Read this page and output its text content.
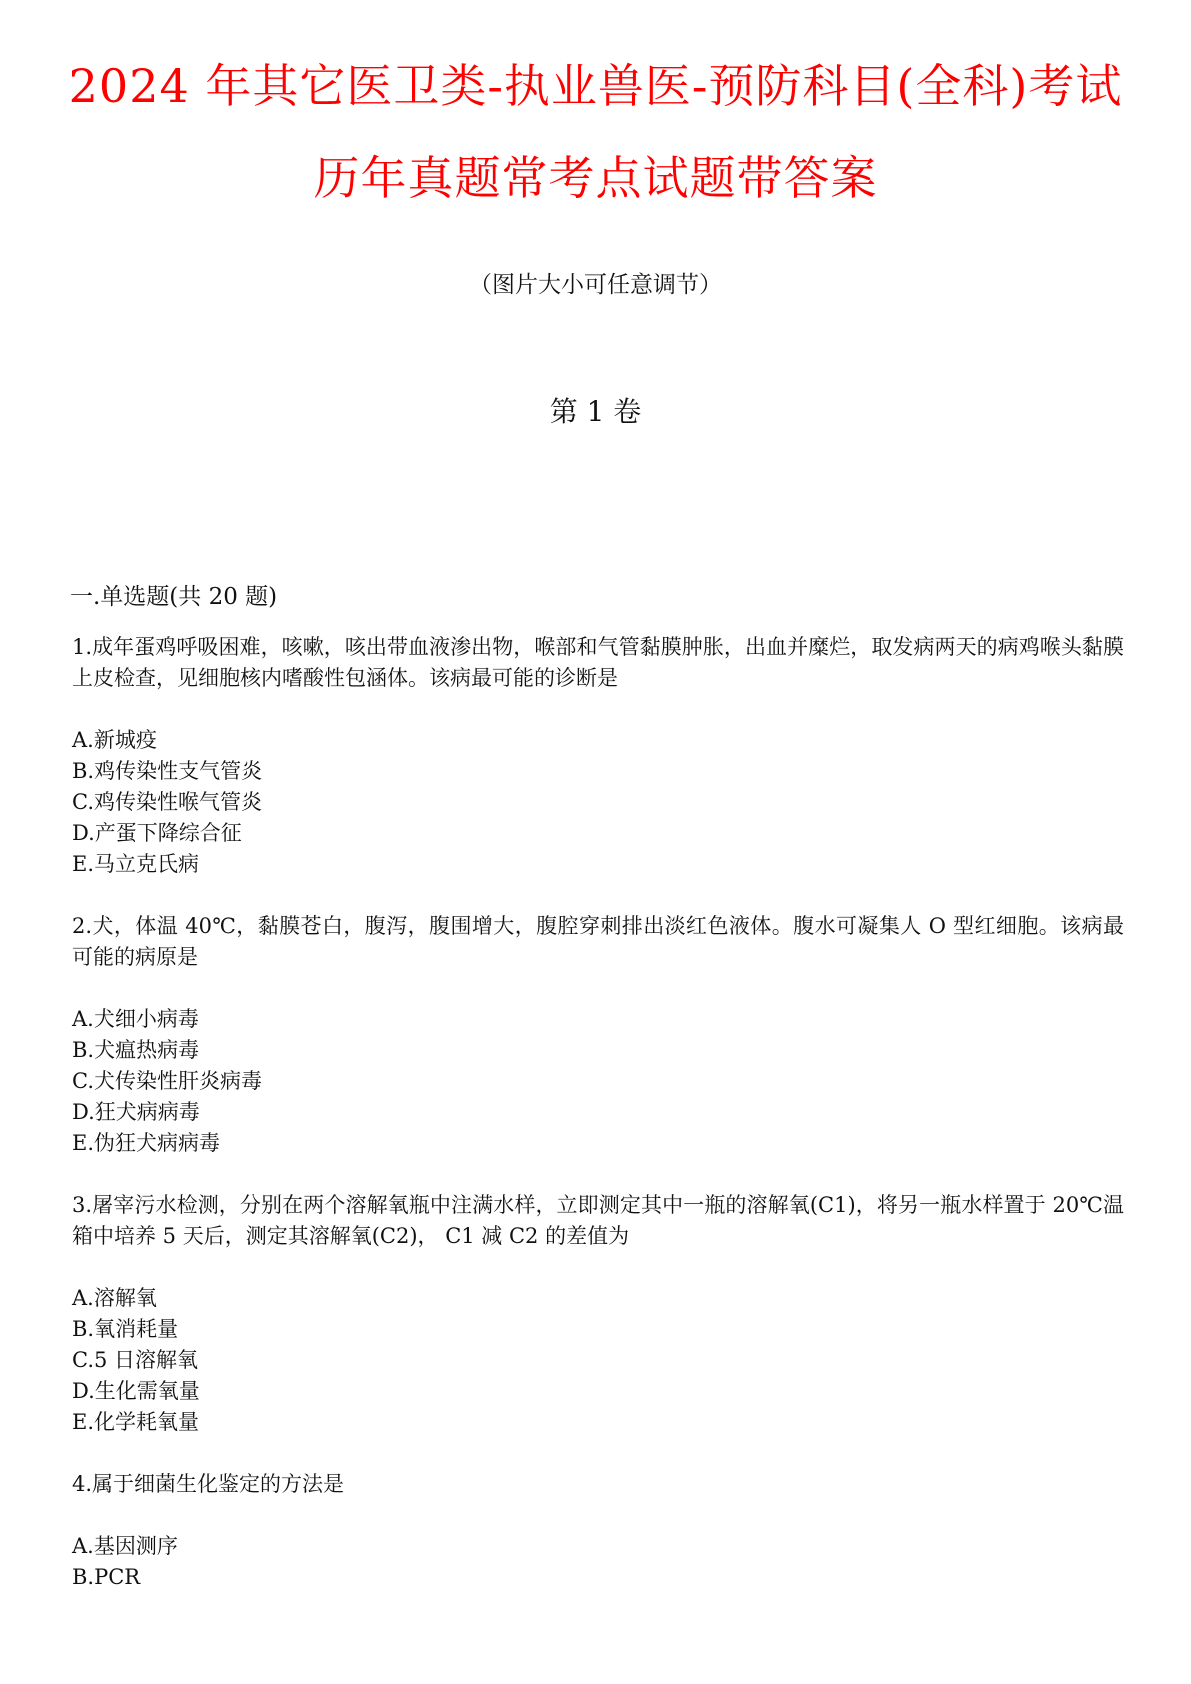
2024 年其它医卫类-执业兽医-预防科目(全科)考试
历年真题常考点试题带答案
（图片大小可任意调节）
第 1 卷
一.单选题(共 20 题)

1.成年蛋鸡呼吸困难，咳嗽，咳出带血液渗出物，喉部和气管黏膜肿胀，出血并糜烂，取发病两天的病鸡喉头黏膜上皮检查，见细胞核内嗜酸性包涵体。该病最可能的诊断是

A.新城疫

B.鸡传染性支气管炎

C.鸡传染性喉气管炎

D.产蛋下降综合征

E.马立克氏病

2.犬，体温 40℃，黏膜苍白，腹泻，腹围增大，腹腔穿刺排出淡红色液体。腹水可凝集人 O 型红细胞。该病最可能的病原是

A.犬细小病毒

B.犬瘟热病毒

C.犬传染性肝炎病毒

D.狂犬病病毒

E.伪狂犬病病毒

3.屠宰污水检测，分别在两个溶解氧瓶中注满水样，立即测定其中一瓶的溶解氧(C1)，将另一瓶水样置于 20℃温箱中培养 5 天后，测定其溶解氧(C2)， C1 减 C2 的差值为

A.溶解氧

B.氧消耗量

C.5 日溶解氧

D.生化需氧量

E.化学耗氧量

4.属于细菌生化鉴定的方法是

A.基因测序

B.PCR
